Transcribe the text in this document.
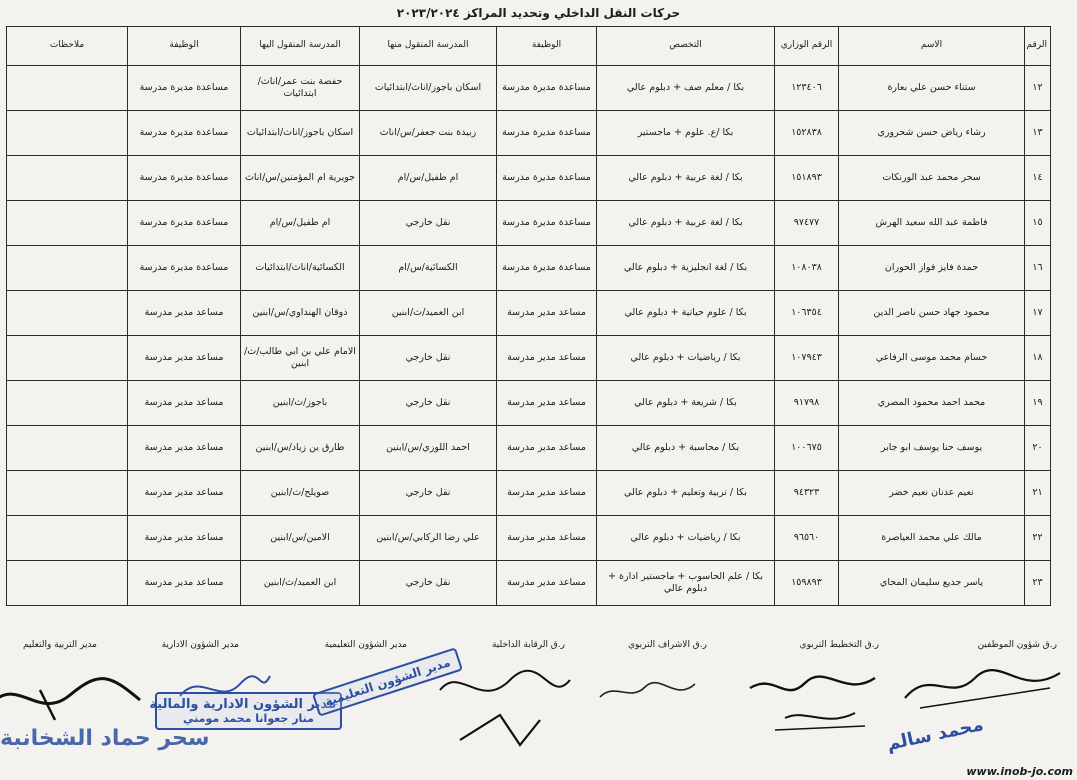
حركات النقل الداخلي وتحديد المراكز ٢٠٢٣/٢٠٢٤
الرقم	الاسم	الرقم الوزاري	التخصص	الوظيفة	المدرسة المنقول منها	المدرسة المنقول اليها	الوظيفة	ملاحظات
١٢	ستناء حسن علي بعارة	١٢٣٤٠٦	بكا / معلم صف + دبلوم عالي	مساعدة مديرة مدرسة	اسكان باجوز/اناث/ابتدائيات	حفصة بنت عمر/اناث/ابتدائيات	مساعدة مديرة مدرسة	
١٣	رشاء رياض حسن شحروري	١٥٢٨٣٨	بكا /ع. علوم + ماجستير	مساعدة مديرة مدرسة	زبيدة بنت جعفر/س/اناث	اسكان باجوز/اناث/ابتدائيات	مساعدة مديرة مدرسة	
١٤	سحر محمد عبد الورنكات	١٥١٨٩٣	بكا / لغة عربية + دبلوم عالي	مساعدة مديرة مدرسة	ام طفيل/س/ام	جويرية ام المؤمنين/س/اناث	مساعدة مديرة مدرسة	
١٥	فاطمة عبد الله سعيد الهرش	٩٧٤٧٧	بكا / لغة عربية + دبلوم عالي	مساعدة مديرة مدرسة	نقل خارجي	ام طفيل/س/ام	مساعدة مديرة مدرسة	
١٦	حمدة فايز فواز الحوران	١٠٨٠٣٨	بكا / لغة انجليزية + دبلوم عالي	مساعدة مديرة مدرسة	الكسائية/س/ام	الكسائية/اناث/ابتدائيات	مساعدة مديرة مدرسة	
١٧	محمود جهاد حسن ناصر الدين	١٠٦٣٥٤	بكا / علوم حياتية + دبلوم عالي	مساعد مدير مدرسة	ابن العميد/ث/ابنين	ذوقان الهنداوي/س/ابنين	مساعد مدير مدرسة	
١٨	حسام محمد موسى الرفاعي	١٠٧٩٤٣	بكا / رياضيات + دبلوم عالي	مساعد مدير مدرسة	نقل خارجي	الامام علي بن ابي طالب/ث/ابنين	مساعد مدير مدرسة	
١٩	محمد احمد محمود المصري	٩١٧٩٨	بكا / شريعة + دبلوم عالي	مساعد مدير مدرسة	نقل خارجي	باجوز/ث/ابنين	مساعد مدير مدرسة	
٢٠	يوسف حنا يوسف ابو جابر	١٠٠٦٧٥	بكا / محاسبة + دبلوم عالي	مساعد مدير مدرسة	احمد اللوزي/س/ابنين	طارق بن زياد/س/ابنين	مساعد مدير مدرسة	
٢١	نعيم عدنان نعيم خضر	٩٤٣٢٣	بكا / تربية وتعليم + دبلوم عالي	مساعد مدير مدرسة	نقل خارجي	صويلح/ث/ابنين	مساعد مدير مدرسة	
٢٢	مالك علي محمد العياصرة	٩٦٥٦٠	بكا / رياضيات + دبلوم عالي	مساعد مدير مدرسة	علي رضا الركابي/س/ابنين	الامين/س/ابنين	مساعد مدير مدرسة	
٢٣	ياسر جديع سليمان المحاي	١٥٩٨٩٣	بكا / علم الحاسوب + ماجستير ادارة + دبلوم عالي	مساعد مدير مدرسة	نقل خارجي	ابن العميد/ث/ابنين	مساعد مدير مدرسة	
ر.ق شؤون الموظفين
ر.ق التخطيط التربوي
ر.ق الاشراف التربوي
ر.ق الرقابة الداخلية
مدير الشؤون التعليمية
مدير الشؤون الادارية
مدير التربية والتعليم
مدير الشؤون الادارية والمالية
منار جعوانا محمد مومني
مدير الشؤون التعليمية
محمد سالم
سحر حماد الشخانبة
www.inob-jo.com
